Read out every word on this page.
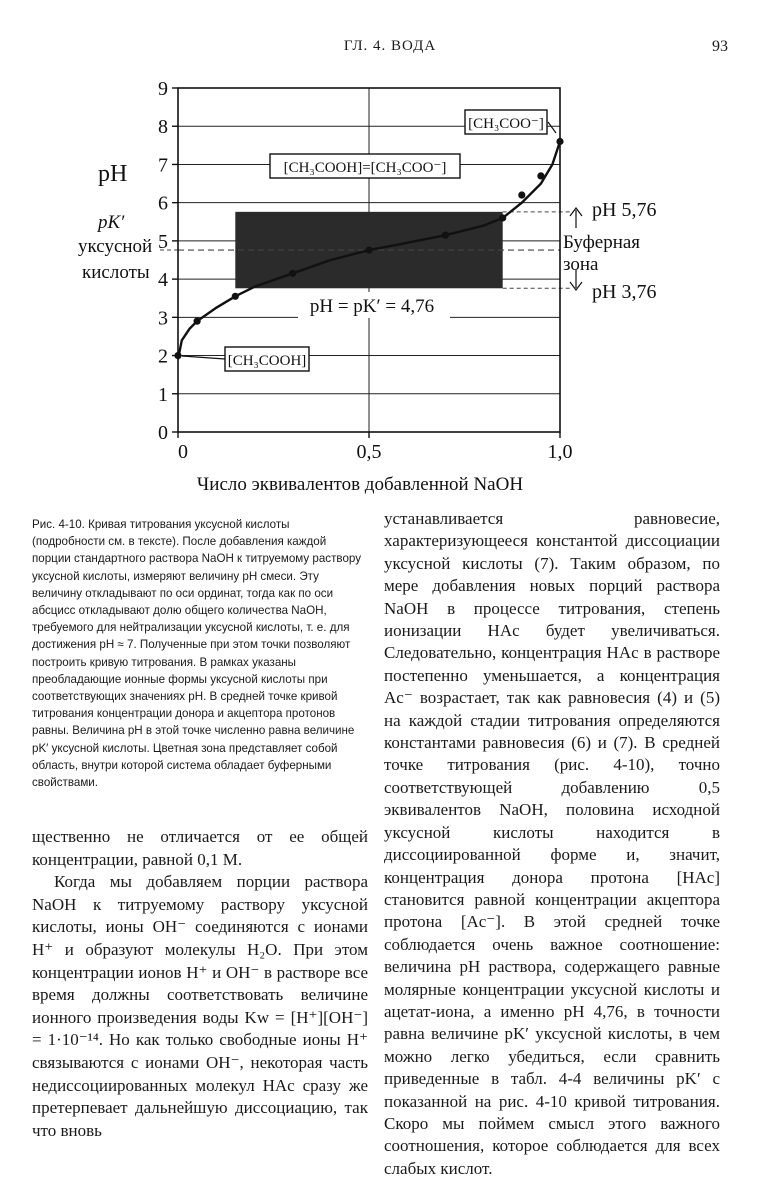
ГЛ. 4. ВОДА	93
0
1
2
3
4
5
6
7
8
9
0	0,5	1,0
[CH₃COO⁻]
[CH₃COOH]=[CH₃COO⁻]
[CH₃COOH]
pH = pK′ = 4,76
pH
pK′
уксусной
кислоты
pH 5,76
Буферная
зона
pH 3,76
Число эквивалентов добавленной NaOH

Рис. 4-10. Кривая титрования уксусной кислоты (подробности см. в тексте). После добавления каждой порции стандартного раствора NaOH к титруемому раствору уксусной кислоты, измеряют величину pH смеси. Эту величину откладывают по оси ординат, тогда как по оси абсцисс откладывают долю общего количества NaOH, требуемого для нейтрализации уксусной кислоты, т. е. для достижения pH ≈ 7. Полученные при этом точки позволяют построить кривую титрования. В рамках указаны преобладающие ионные формы уксусной кислоты при соответствующих значениях pH. В средней точке кривой титрования концентрации донора и акцептора протонов равны. Величина pH в этой точке численно равна величине pK′ уксусной кислоты. Цветная зона представляет собой область, внутри которой система обладает буферными свойствами.

щественно не отличается от ее общей концентрации, равной 0,1 М.

Когда мы добавляем порции раствора NaOH к титруемому раствору уксусной кислоты, ионы OH⁻ соединяются с ионами H⁺ и образуют молекулы H₂O. При этом концентрации ионов H⁺ и OH⁻ в растворе все время должны соответствовать величине ионного произведения воды Kw = [H⁺][OH⁻] = 1·10⁻¹⁴. Но как только свободные ионы H⁺ связываются с ионами OH⁻, некоторая часть недиссоциированных молекул HAc сразу же претерпевает дальнейшую диссоциацию, так что вновь

устанавливается равновесие, характеризующееся константой диссоциации уксусной кислоты (7). Таким образом, по мере добавления новых порций раствора NaOH в процессе титрования, степень ионизации HAc будет увеличиваться. Следовательно, концентрация HAc в растворе постепенно уменьшается, а концентрация Ac⁻ возрастает, так как равновесия (4) и (5) на каждой стадии титрования определяются константами равновесия (6) и (7). В средней точке титрования (рис. 4-10), точно соответствующей добавлению 0,5 эквивалентов NaOH, половина исходной уксусной кислоты находится в диссоциированной форме и, значит, концентрация донора протона [HAc] становится равной концентрации акцептора протона [Ac⁻]. В этой средней точке соблюдается очень важное соотношение: величина pH раствора, содержащего равные молярные концентрации уксусной кислоты и ацетат-иона, а именно pH 4,76, в точности равна величине pK′ уксусной кислоты, в чем можно легко убедиться, если сравнить приведенные в табл. 4-4 величины pK′ с показанной на рис. 4-10 кривой титрования. Скоро мы поймем смысл этого важного соотношения, которое соблюдается для всех слабых кислот.
